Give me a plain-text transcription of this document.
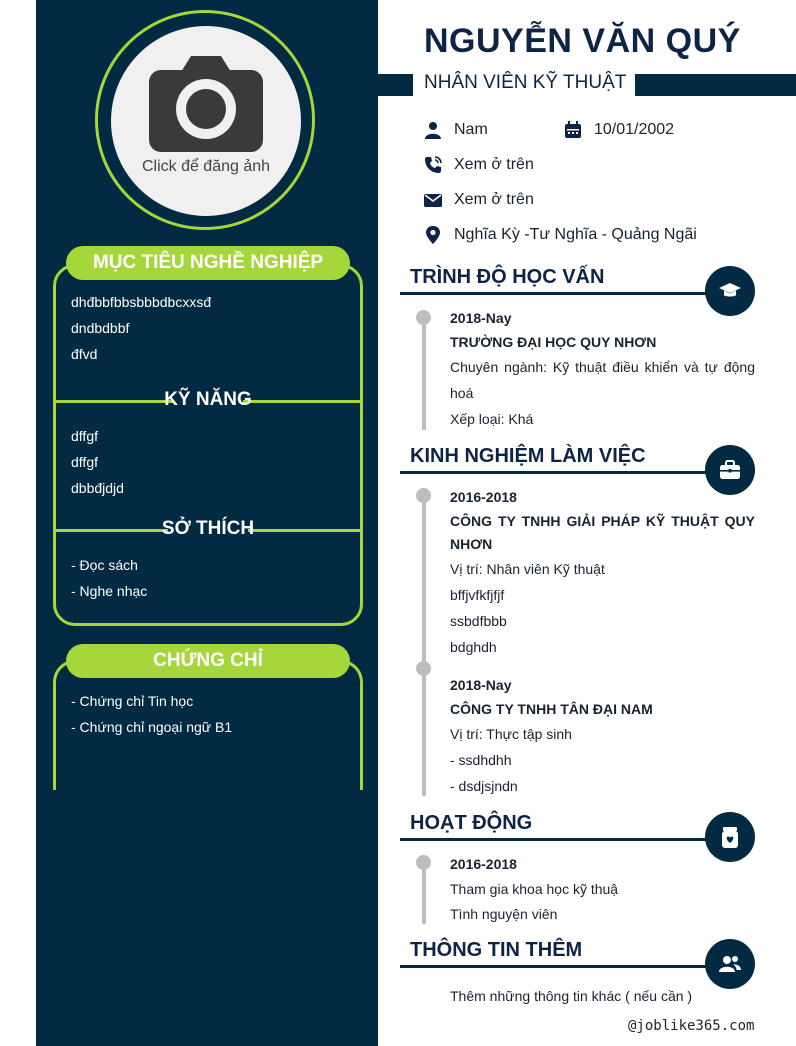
Click để đăng ảnh
MỤC TIÊU NGHỀ NGHIỆP
dhđbbfbbsbbbdbcxxsđ
dndbdbbf
đfvd
KỸ NĂNG
dffgf
dffgf
dbbđjdjd
SỞ THÍCH
- Đọc sách
- Nghe nhạc
CHỨNG CHỈ
- Chứng chỉ Tin học
- Chứng chỉ ngoại ngữ B1
NGUYỄN VĂN QUÝ
NHÂN VIÊN KỸ THUẬT
Nam	10/01/2002
Xem ở trên
Xem ở trên
Nghĩa Kỳ -Tư Nghĩa - Quảng Ngãi
TRÌNH ĐỘ HỌC VẤN
2018-Nay
TRƯỜNG ĐẠI HỌC QUY NHƠN
Chuyên ngành: Kỹ thuật điều khiển và tự động hoá
Xếp loại: Khá
KINH NGHIỆM LÀM VIỆC
2016-2018
CÔNG TY TNHH GIẢI PHÁP KỸ THUẬT QUY NHƠN
Vị trí: Nhân viên Kỹ thuật
bffjvfkfjfjf
ssbdfbbb
bdghdh
2018-Nay
CÔNG TY TNHH TÂN ĐẠI NAM
Vị trí: Thực tập sinh
- ssdhdhh
- dsdjsjndn
HOẠT ĐỘNG
2016-2018
Tham gia khoa học kỹ thuậ
Tình nguyện viên
THÔNG TIN THÊM
Thêm những thông tin khác ( nếu cần )
@joblike365.com
